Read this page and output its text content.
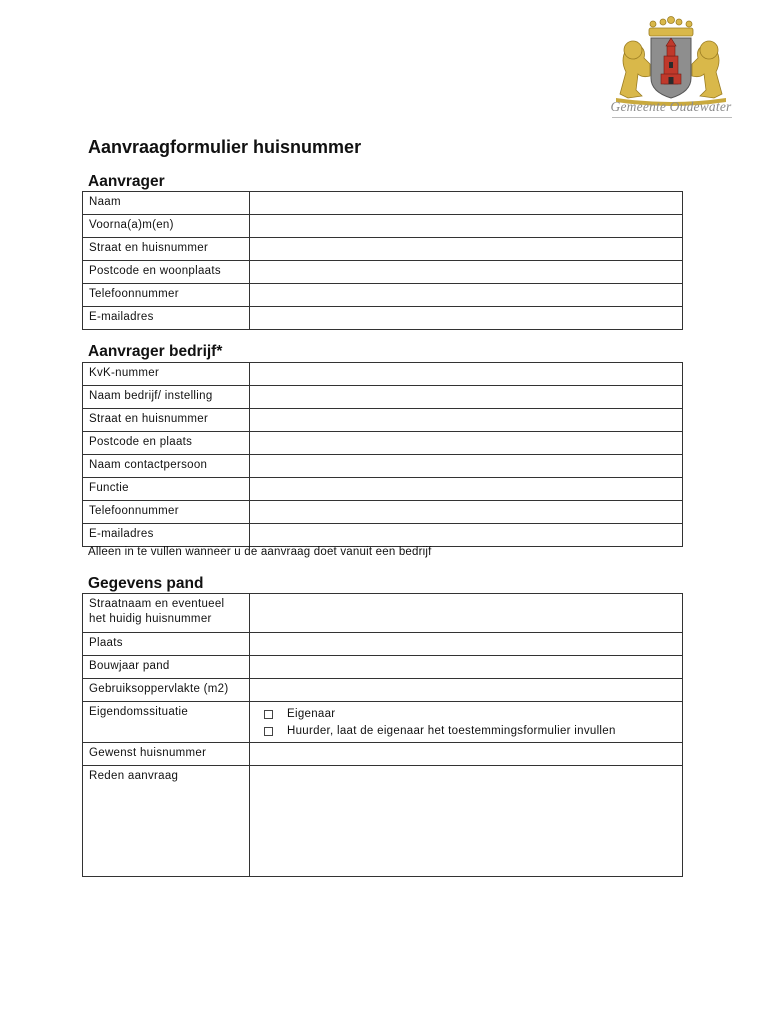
Gemeente Oudewater
Aanvraagformulier huisnummer
Aanvrager
Naam	
Voorna(a)m(en)	
Straat en huisnummer	
Postcode en woonplaats	
Telefoonnummer	
E-mailadres	
Aanvrager bedrijf*
KvK-nummer	
Naam bedrijf/ instelling	
Straat en huisnummer	
Postcode en plaats	
Naam contactpersoon	
Functie	
Telefoonnummer	
E-mailadres	
Alleen in te vullen wanneer u de aanvraag doet vanuit een bedrijf
Gegevens pand
Straatnaam en eventueel het huidig huisnummer	
Plaats	
Bouwjaar pand	
Gebruiksoppervlakte (m2)	
Eigendomssituatie	Eigenaar
Huurder, laat de eigenaar het toestemmingsformulier invullen

Gewenst huisnummer	
Reden aanvraag	
